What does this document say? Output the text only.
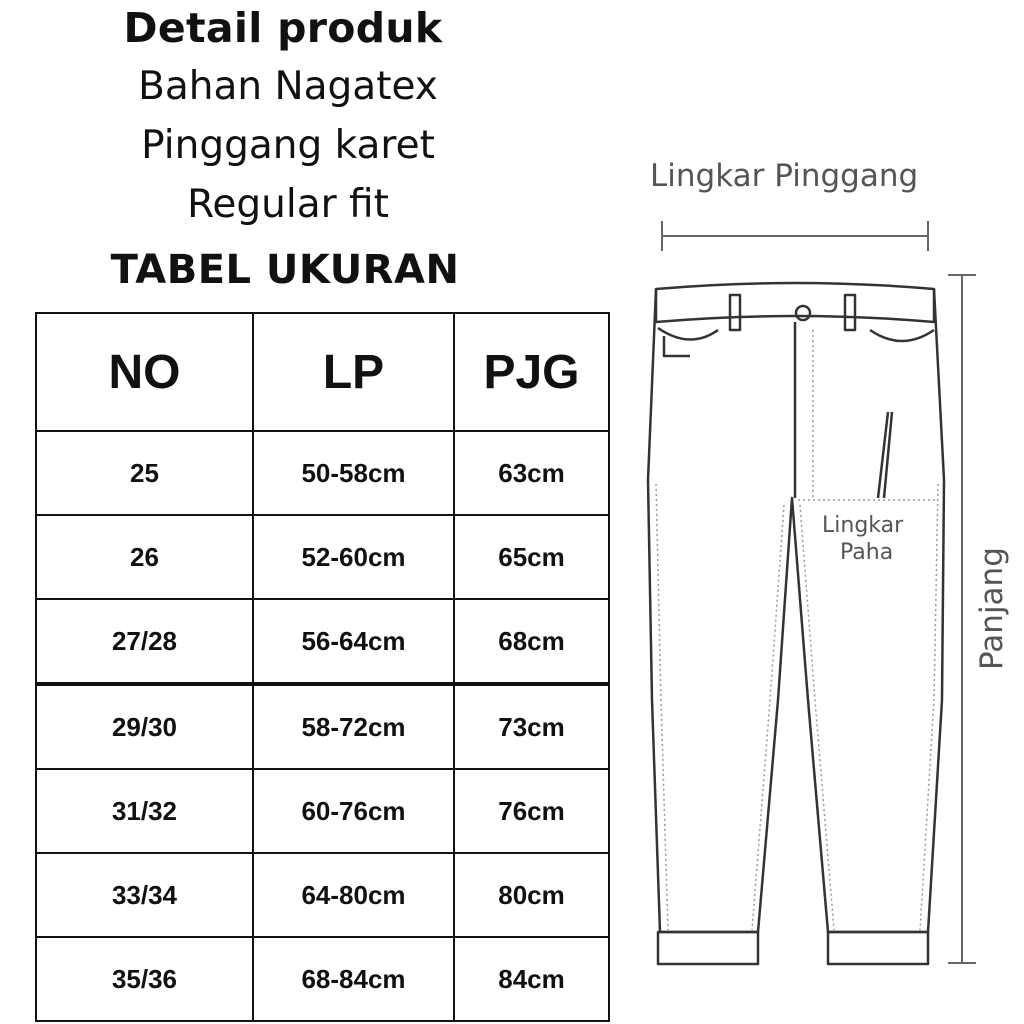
Detail produk
Bahan Nagatex
Pinggang karet
Regular fit
TABEL UKURAN
NO	LP	PJG
25	50-58cm	63cm
26	52-60cm	65cm
27/28	56-64cm	68cm
29/30	58-72cm	73cm
31/32	60-76cm	76cm
33/34	64-80cm	80cm
35/36	68-84cm	84cm
Lingkar Pinggang
Panjang
Lingkar
Paha
